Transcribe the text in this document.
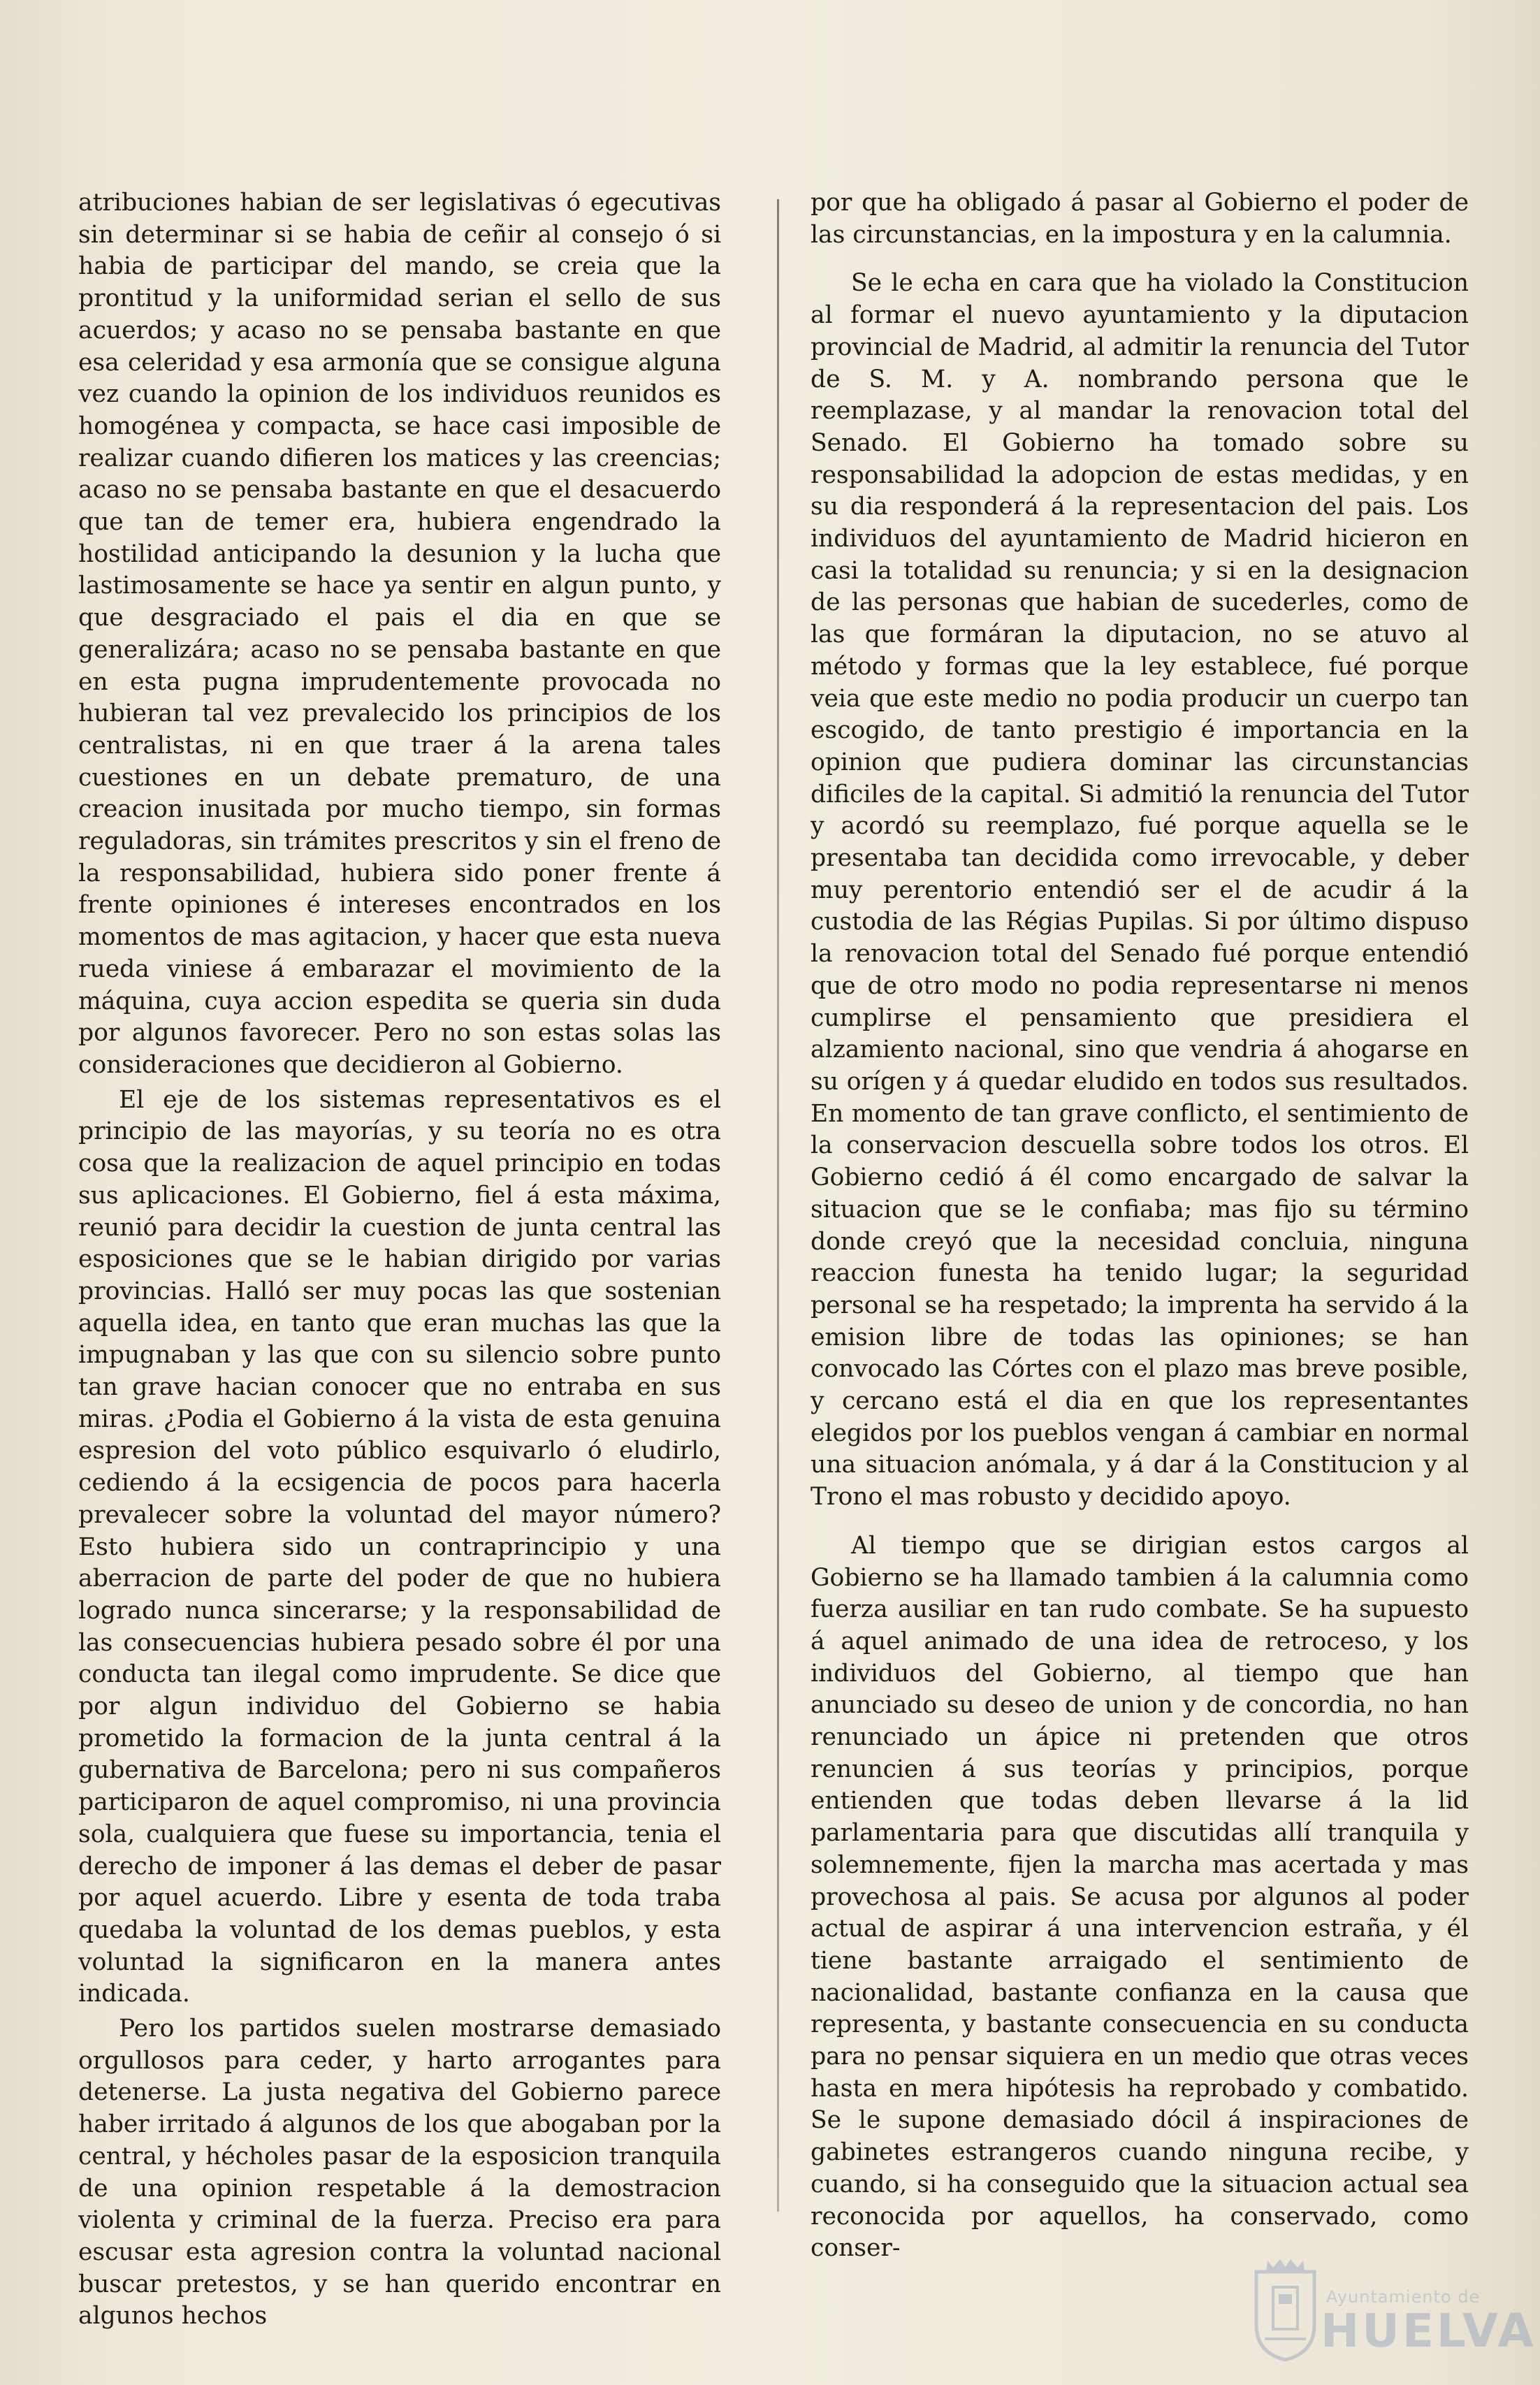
atribuciones habian de ser legislativas ó egecutivas sin determinar si se habia de ceñir al consejo ó si habia de participar del mando, se creia que la prontitud y la uniformidad serian el sello de sus acuerdos; y acaso no se pensaba bastante en que esa celeridad y esa armonía que se consigue alguna vez cuando la opinion de los individuos reunidos es homogénea y compacta, se hace casi imposible de realizar cuando difieren los matices y las creencias; acaso no se pensaba bastante en que el desacuerdo que tan de temer era, hubiera engendrado la hostilidad anticipando la desunion y la lucha que lastimosamente se hace ya sentir en algun punto, y que desgraciado el pais el dia en que se generalizára; acaso no se pensaba bastante en que en esta pugna imprudentemente provocada no hubieran tal vez prevalecido los principios de los centralistas, ni en que traer á la arena tales cuestiones en un debate prematuro, de una creacion inusitada por mucho tiempo, sin formas reguladoras, sin trámites prescritos y sin el freno de la responsabilidad, hubiera sido poner frente á frente opiniones é intereses encontrados en los momentos de mas agitacion, y hacer que esta nueva rueda viniese á embarazar el movimiento de la máquina, cuya accion espedita se queria sin duda por algunos favorecer. Pero no son estas solas las consideraciones que decidieron al Gobierno.

El eje de los sistemas representativos es el principio de las mayorías, y su teoría no es otra cosa que la realizacion de aquel principio en todas sus aplicaciones. El Gobierno, fiel á esta máxima, reunió para decidir la cuestion de junta central las esposiciones que se le habian dirigido por varias provincias. Halló ser muy pocas las que sostenian aquella idea, en tanto que eran muchas las que la impugnaban y las que con su silencio sobre punto tan grave hacian conocer que no entraba en sus miras. ¿Podia el Gobierno á la vista de esta genuina espresion del voto público esquivarlo ó eludirlo, cediendo á la ecsigencia de pocos para hacerla prevalecer sobre la voluntad del mayor número? Esto hubiera sido un contraprincipio y una aberracion de parte del poder de que no hubiera logrado nunca sincerarse; y la responsabilidad de las consecuencias hubiera pesado sobre él por una conducta tan ilegal como imprudente. Se dice que por algun individuo del Gobierno se habia prometido la formacion de la junta central á la gubernativa de Barcelona; pero ni sus compañeros participaron de aquel compromiso, ni una provincia sola, cualquiera que fuese su importancia, tenia el derecho de imponer á las demas el deber de pasar por aquel acuerdo. Libre y esenta de toda traba quedaba la voluntad de los demas pueblos, y esta voluntad la significaron en la manera antes indicada.

Pero los partidos suelen mostrarse demasiado orgullosos para ceder, y harto arrogantes para detenerse. La justa negativa del Gobierno parece haber irritado á algunos de los que abogaban por la central, y hécholes pasar de la esposicion tranquila de una opinion respetable á la demostracion violenta y criminal de la fuerza. Preciso era para escusar esta agresion contra la voluntad nacional buscar pretestos, y se han querido encontrar en algunos hechos

por que ha obligado á pasar al Gobierno el poder de las circunstancias, en la impostura y en la calumnia.

Se le echa en cara que ha violado la Constitucion al formar el nuevo ayuntamiento y la diputacion provincial de Madrid, al admitir la renuncia del Tutor de S. M. y A. nombrando persona que le reemplazase, y al mandar la renovacion total del Senado. El Gobierno ha tomado sobre su responsabilidad la adopcion de estas medidas, y en su dia responderá á la representacion del pais. Los individuos del ayuntamiento de Madrid hicieron en casi la totalidad su renuncia; y si en la designacion de las personas que habian de sucederles, como de las que formáran la diputacion, no se atuvo al método y formas que la ley establece, fué porque veia que este medio no podia producir un cuerpo tan escogido, de tanto prestigio é importancia en la opinion que pudiera dominar las circunstancias dificiles de la capital. Si admitió la renuncia del Tutor y acordó su reemplazo, fué porque aquella se le presentaba tan decidida como irrevocable, y deber muy perentorio entendió ser el de acudir á la custodia de las Régias Pupilas. Si por último dispuso la renovacion total del Senado fué porque entendió que de otro modo no podia representarse ni menos cumplirse el pensamiento que presidiera el alzamiento nacional, sino que vendria á ahogarse en su orígen y á quedar eludido en todos sus resultados. En momento de tan grave conflicto, el sentimiento de la conservacion descuella sobre todos los otros. El Gobierno cedió á él como encargado de salvar la situacion que se le confiaba; mas fijo su término donde creyó que la necesidad concluia, ninguna reaccion funesta ha tenido lugar; la seguridad personal se ha respetado; la imprenta ha servido á la emision libre de todas las opiniones; se han convocado las Córtes con el plazo mas breve posible, y cercano está el dia en que los representantes elegidos por los pueblos vengan á cambiar en normal una situacion anómala, y á dar á la Constitucion y al Trono el mas robusto y decidido apoyo.

Al tiempo que se dirigian estos cargos al Gobierno se ha llamado tambien á la calumnia como fuerza ausiliar en tan rudo combate. Se ha supuesto á aquel animado de una idea de retroceso, y los individuos del Gobierno, al tiempo que han anunciado su deseo de union y de concordia, no han renunciado un ápice ni pretenden que otros renuncien á sus teorías y principios, porque entienden que todas deben llevarse á la lid parlamentaria para que discutidas allí tranquila y solemnemente, fijen la marcha mas acertada y mas provechosa al pais. Se acusa por algunos al poder actual de aspirar á una intervencion estraña, y él tiene bastante arraigado el sentimiento de nacionalidad, bastante confianza en la causa que representa, y bastante consecuencia en su conducta para no pensar siquiera en un medio que otras veces hasta en mera hipótesis ha reprobado y combatido. Se le supone demasiado dócil á inspiraciones de gabinetes estrangeros cuando ninguna recibe, y cuando, si ha conseguido que la situacion actual sea reconocida por aquellos, ha conservado, como conser-

Ayuntamiento de
HUELVA
